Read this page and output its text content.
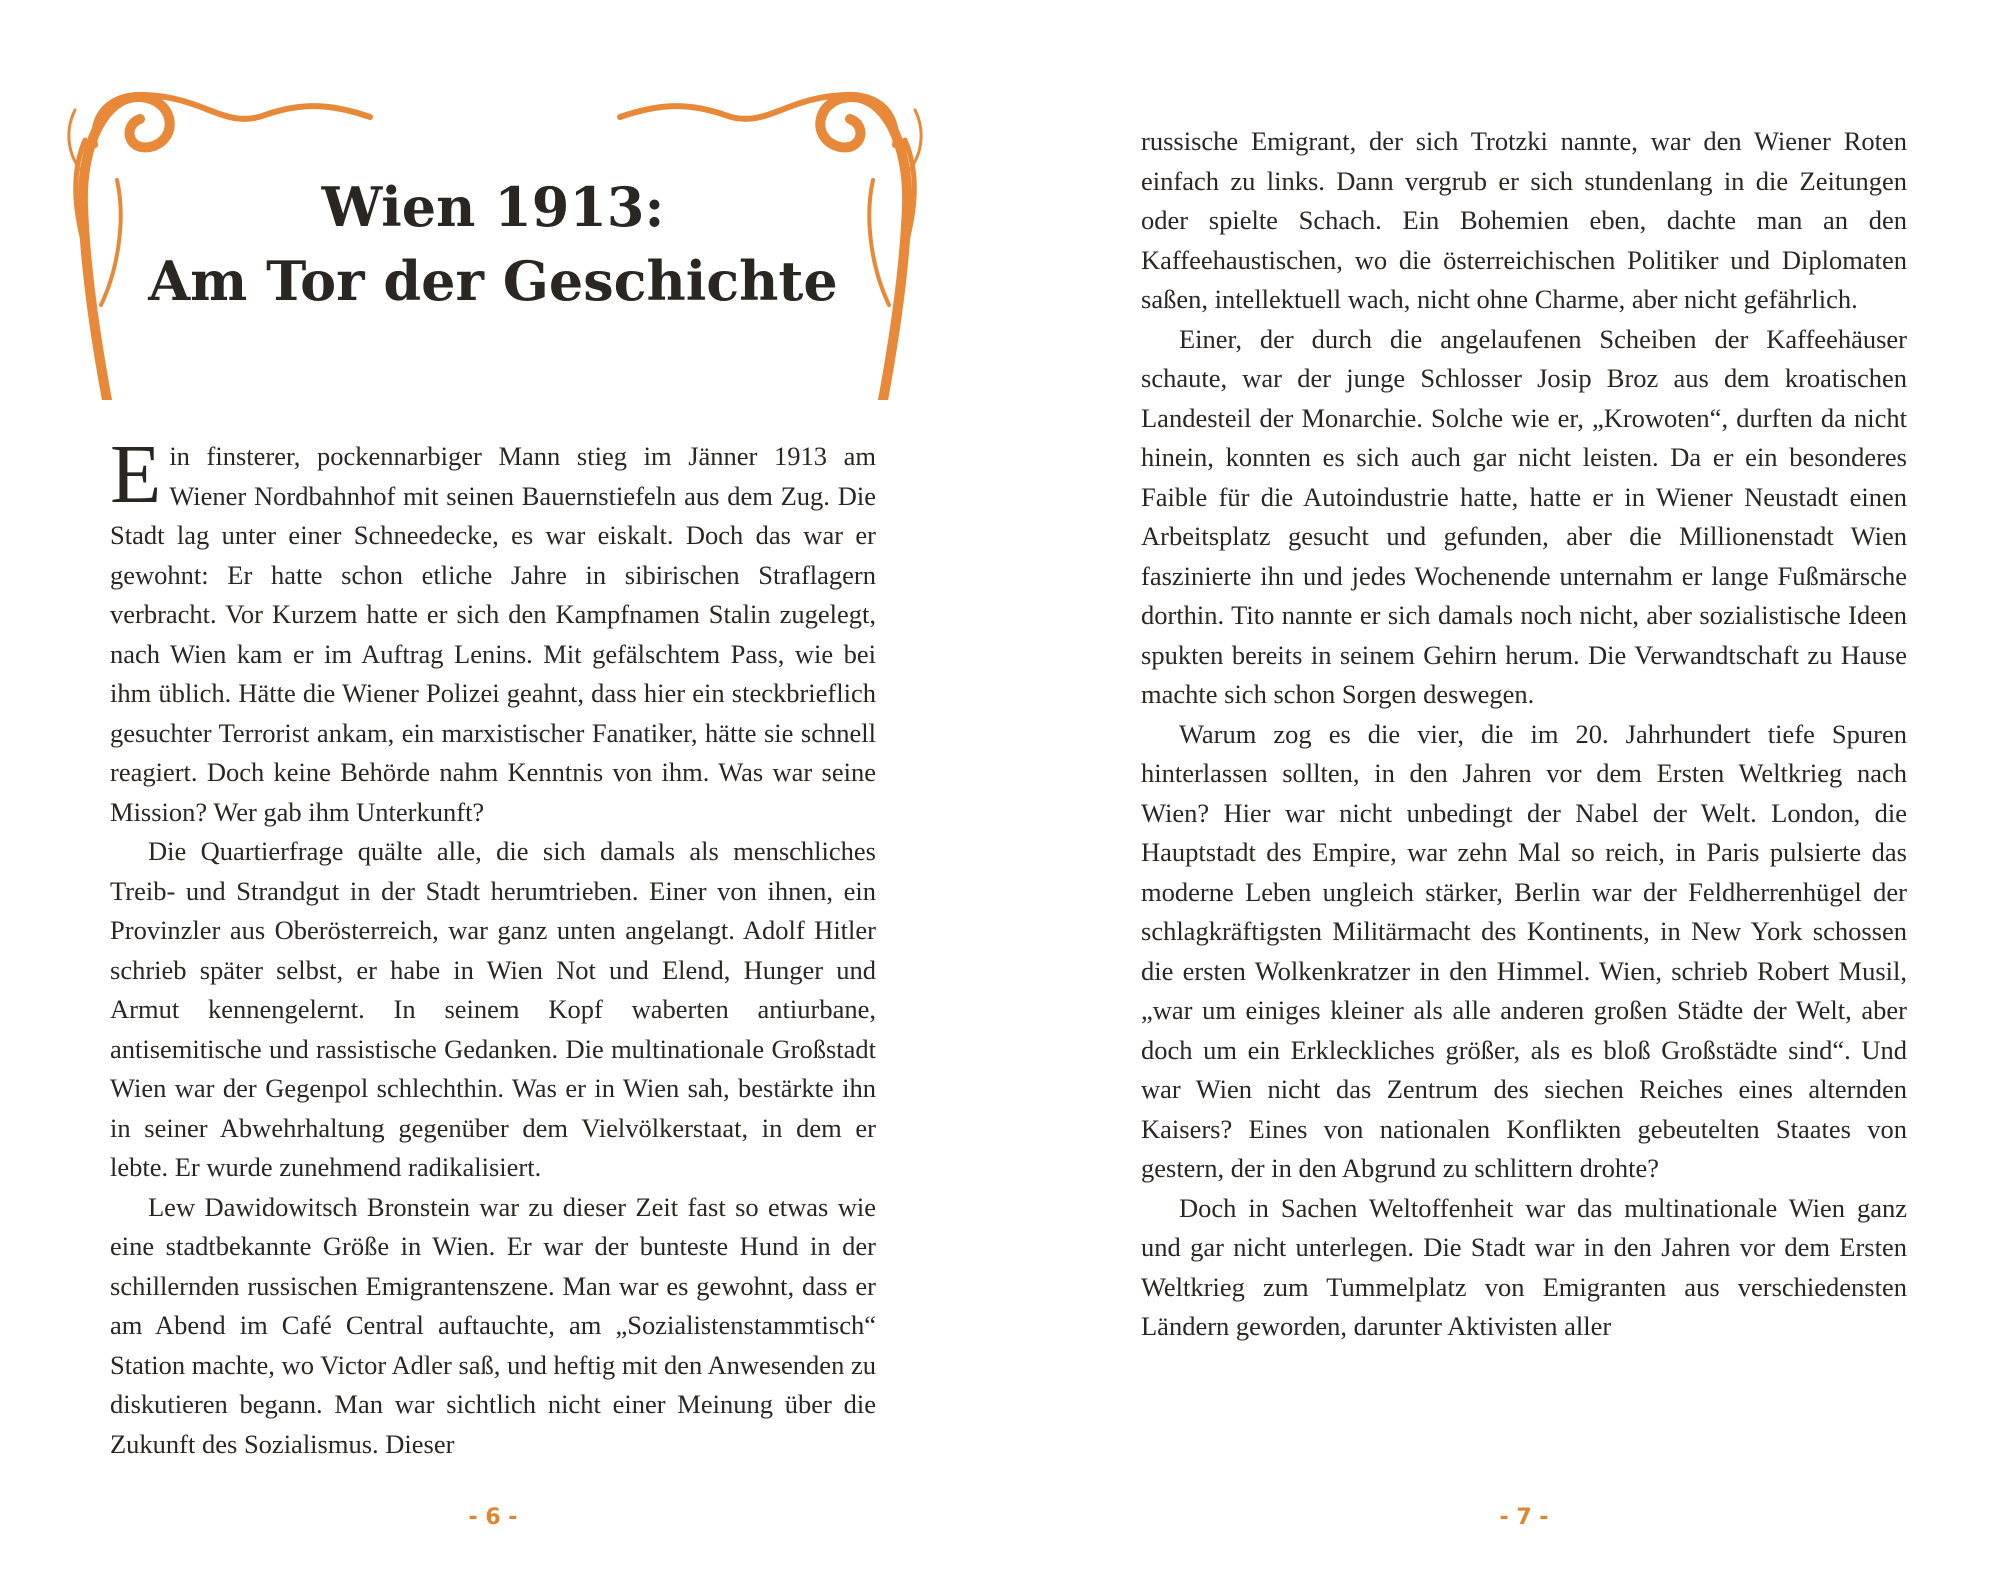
Wien 1913:
Am Tor der Geschichte

Ein finsterer, pockennarbiger Mann stieg im Jänner 1913 am Wiener Nordbahnhof mit seinen Bauernstiefeln aus dem Zug. Die Stadt lag unter einer Schneedecke, es war eiskalt. Doch das war er gewohnt: Er hatte schon etliche Jahre in sibirischen Straflagern verbracht. Vor Kurzem hatte er sich den Kampfnamen Stalin zugelegt, nach Wien kam er im Auftrag Lenins. Mit gefälschtem Pass, wie bei ihm üblich. Hätte die Wiener Polizei geahnt, dass hier ein steckbrieflich gesuchter Terrorist ankam, ein marxistischer Fanatiker, hätte sie schnell reagiert. Doch keine Behörde nahm Kenntnis von ihm. Was war seine Mission? Wer gab ihm Unterkunft?

Die Quartierfrage quälte alle, die sich damals als menschliches Treib- und Strandgut in der Stadt herumtrieben. Einer von ihnen, ein Provinzler aus Oberösterreich, war ganz unten angelangt. Adolf Hitler schrieb später selbst, er habe in Wien Not und Elend, Hunger und Armut kennengelernt. In seinem Kopf waberten antiurbane, antisemitische und rassistische Gedanken. Die multinationale Großstadt Wien war der Gegenpol schlechthin. Was er in Wien sah, bestärkte ihn in seiner Abwehrhaltung gegenüber dem Vielvölkerstaat, in dem er lebte. Er wurde zunehmend radikalisiert.

Lew Dawidowitsch Bronstein war zu dieser Zeit fast so etwas wie eine stadtbekannte Größe in Wien. Er war der bunteste Hund in der schillernden russischen Emigrantenszene. Man war es gewohnt, dass er am Abend im Café Central auftauchte, am „Sozialistenstammtisch“ Station machte, wo Victor Adler saß, und heftig mit den Anwesenden zu diskutieren begann. Man war sichtlich nicht einer Meinung über die Zukunft des Sozialismus. Dieser

- 6 -

russische Emigrant, der sich Trotzki nannte, war den Wiener Roten einfach zu links. Dann vergrub er sich stundenlang in die Zeitungen oder spielte Schach. Ein Bohemien eben, dachte man an den Kaffeehaustischen, wo die österreichischen Politiker und Diplomaten saßen, intellektuell wach, nicht ohne Charme, aber nicht gefährlich.

Einer, der durch die angelaufenen Scheiben der Kaffeehäuser schaute, war der junge Schlosser Josip Broz aus dem kroatischen Landesteil der Monarchie. Solche wie er, „Krowoten“, durften da nicht hinein, konnten es sich auch gar nicht leisten. Da er ein besonderes Faible für die Autoindustrie hatte, hatte er in Wiener Neustadt einen Arbeitsplatz gesucht und gefunden, aber die Millionenstadt Wien faszinierte ihn und jedes Wochenende unternahm er lange Fußmärsche dorthin. Tito nannte er sich damals noch nicht, aber sozialistische Ideen spukten bereits in seinem Gehirn herum. Die Verwandtschaft zu Hause machte sich schon Sorgen deswegen.

Warum zog es die vier, die im 20. Jahrhundert tiefe Spuren hinterlassen sollten, in den Jahren vor dem Ersten Weltkrieg nach Wien? Hier war nicht unbedingt der Nabel der Welt. London, die Hauptstadt des Empire, war zehn Mal so reich, in Paris pulsierte das moderne Leben ungleich stärker, Berlin war der Feldherrenhügel der schlagkräftigsten Militärmacht des Kontinents, in New York schossen die ersten Wolkenkratzer in den Himmel. Wien, schrieb Robert Musil, „war um einiges kleiner als alle anderen großen Städte der Welt, aber doch um ein Erkleckliches größer, als es bloß Großstädte sind“. Und war Wien nicht das Zentrum des siechen Reiches eines alternden Kaisers? Eines von nationalen Konflikten gebeutelten Staates von gestern, der in den Abgrund zu schlittern drohte?

Doch in Sachen Weltoffenheit war das multinationale Wien ganz und gar nicht unterlegen. Die Stadt war in den Jahren vor dem Ersten Weltkrieg zum Tummelplatz von Emigranten aus verschiedensten Ländern geworden, darunter Aktivisten aller

- 7 -
